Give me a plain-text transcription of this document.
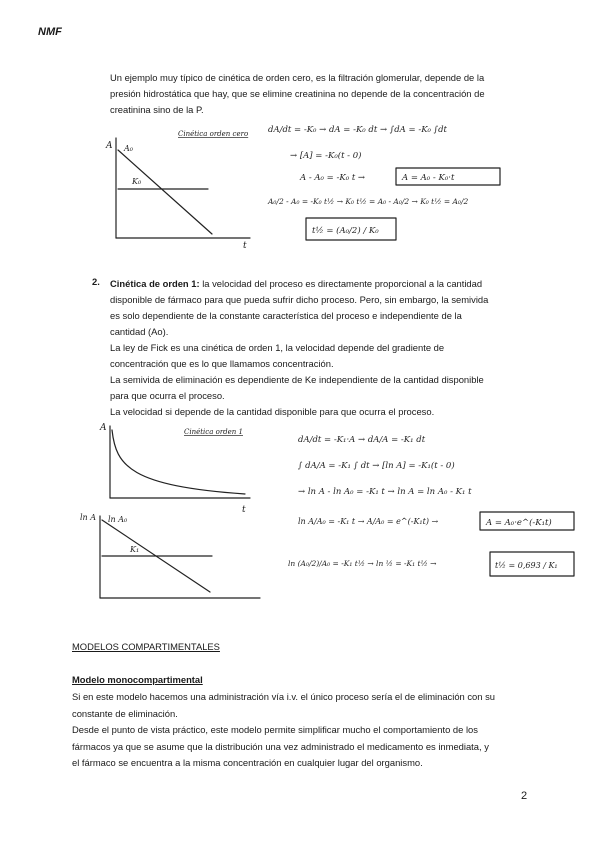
NMF

Un ejemplo muy típico de cinética de orden cero, es la filtración glomerular, depende de la

presión hidrostática que hay, que se elimine creatinina no depende de la concentración de

creatinina sino de la P.

A A₀
K₀
t
Cinética orden cero dA/dt = -K₀ → dA = -K₀ dt → ∫dA = -K₀ ∫dt
→ [A] = -K₀(t - 0)
A - A₀ = -K₀ t →	A = A₀ - K₀·t
A₀/2 - A₀ = -K₀ t½ → K₀ t½ = A₀ - A₀/2 → K₀ t½ = A₀/2
t½ = (A₀/2) / K₀
2. Cinética de orden 1: la velocidad del proceso es directamente proporcional a la cantidad

disponible de fármaco para que pueda sufrir dicho proceso. Pero, sin embargo, la semivida

es solo dependiente de la constante característica del proceso e independiente de la

cantidad (Ao).

La ley de Fick es una cinética de orden 1, la velocidad depende del gradiente de

concentración que es lo que llamamos concentración.

La semivida de eliminación es dependiente de Ke independiente de la cantidad disponible

para que ocurra el proceso.

La velocidad si depende de la cantidad disponible para que ocurra el proceso.

A
t
Cinética orden 1
ln A ln A₀
K₁
dA/dt = -K₁·A → dA/A = -K₁ dt
∫ dA/A = -K₁ ∫ dt → [ln A] = -K₁(t - 0)
→ ln A - ln A₀ = -K₁ t → ln A = ln A₀ - K₁ t
ln A/A₀ = -K₁ t → A/A₀ = e^(-K₁t) →	A = A₀·e^(-K₁t)
ln (A₀/2)/A₀ = -K₁ t½ → ln ½ = -K₁ t½ →	t½ = 0,693 / K₁
MODELOS COMPARTIMENTALES
Modelo monocompartimental

Si en este modelo hacemos una administración vía i.v. el único proceso sería el de eliminación con su

constante de eliminación.

Desde el punto de vista práctico, este modelo permite simplificar mucho el comportamiento de los

fármacos ya que se asume que la distribución una vez administrado el medicamento es inmediata, y

el fármaco se encuentra a la misma concentración en cualquier lugar del organismo.

2
